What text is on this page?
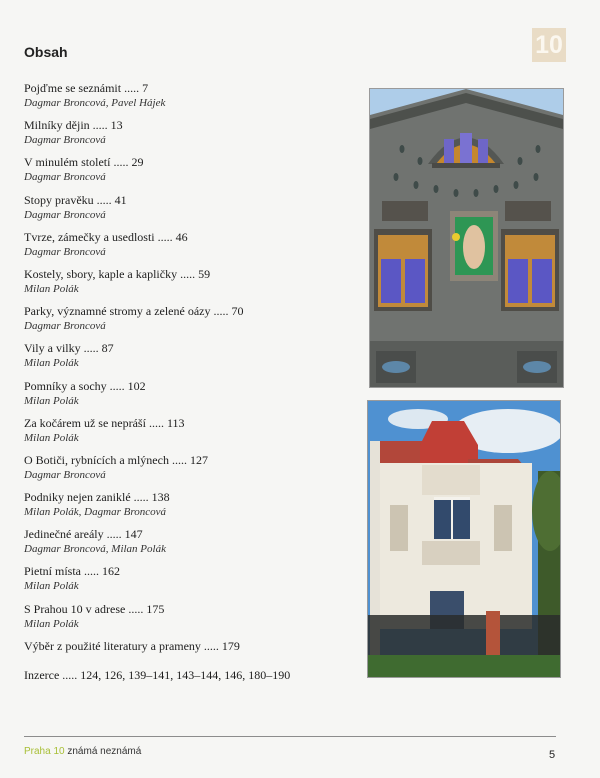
10
Obsah
Pojďme se seznámit ..... 7
Dagmar Broncová, Pavel Hájek
Milníky dějin ..... 13
Dagmar Broncová
V minulém století ..... 29
Dagmar Broncová
Stopy pravěku ..... 41
Dagmar Broncová
Tvrze, zámečky a usedlosti ..... 46
Dagmar Broncová
Kostely, sbory, kaple a kapličky ..... 59
Milan Polák
Parky, významné stromy a zelené oázy ..... 70
Dagmar Broncová
Vily a vilky ..... 87
Milan Polák
Pomníky a sochy ..... 102
Milan Polák
Za kočárem už se nepráší ..... 113
Milan Polák
O Botiči, rybnících a mlýnech ..... 127
Dagmar Broncová
Podniky nejen zaniklé ..... 138
Milan Polák, Dagmar Broncová
Jedinečné areály ..... 147
Dagmar Broncová, Milan Polák
Pietní místa ..... 162
Milan Polák
S Prahou 10 v adrese ..... 175
Milan Polák
Výběr z použité literatury a prameny ..... 179
Inzerce ..... 124, 126, 139–141, 143–144, 146, 180–190
Praha 10 známá neznámá	5
